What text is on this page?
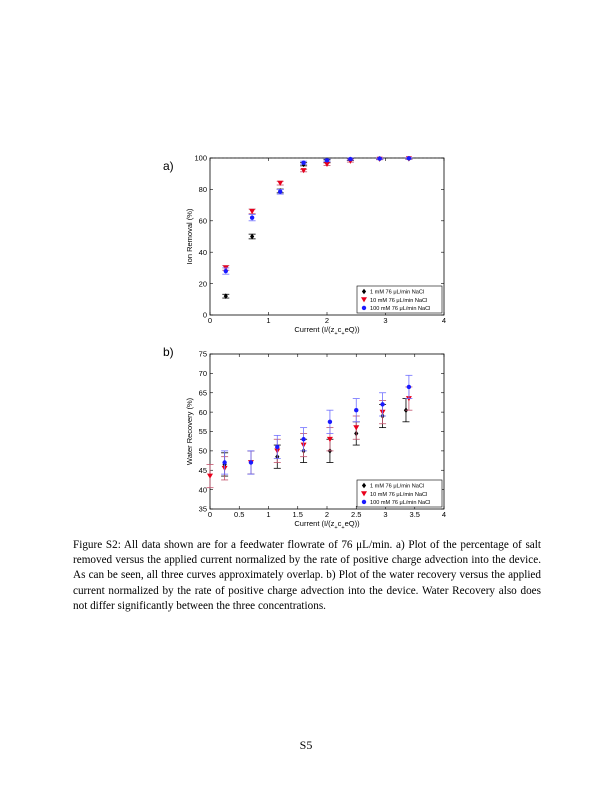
a)
0	1	2	3	4
0
20
40
60
80
100
Current $(I/(z_+c_+eQ))$
Ion Removal (%)
1 mM 76 μL/min NaCl
10 mM 76 μL/min NaCl
100 mM 76 μL/min NaCl
b)
0	0.5	1	1.5	2	2.5	3	3.5	4
35
40
45
50
55
60
65
70
75
Current $(I/(z_+c_+eQ))$
Water Recovery (%)
1 mM 76 μL/min NaCl
10 mM 76 μL/min NaCl
100 mM 76 μL/min NaCl

Figure S2: All data shown are for a feedwater flowrate of 76 μL/min. a) Plot of the percentage of salt removed versus the applied current normalized by the rate of positive charge advection into the device. As can be seen, all three curves approximately overlap. b) Plot of the water recovery versus the applied current normalized by the rate of positive charge advection into the device. Water Recovery also does not differ significantly between the three concentrations.

S5
